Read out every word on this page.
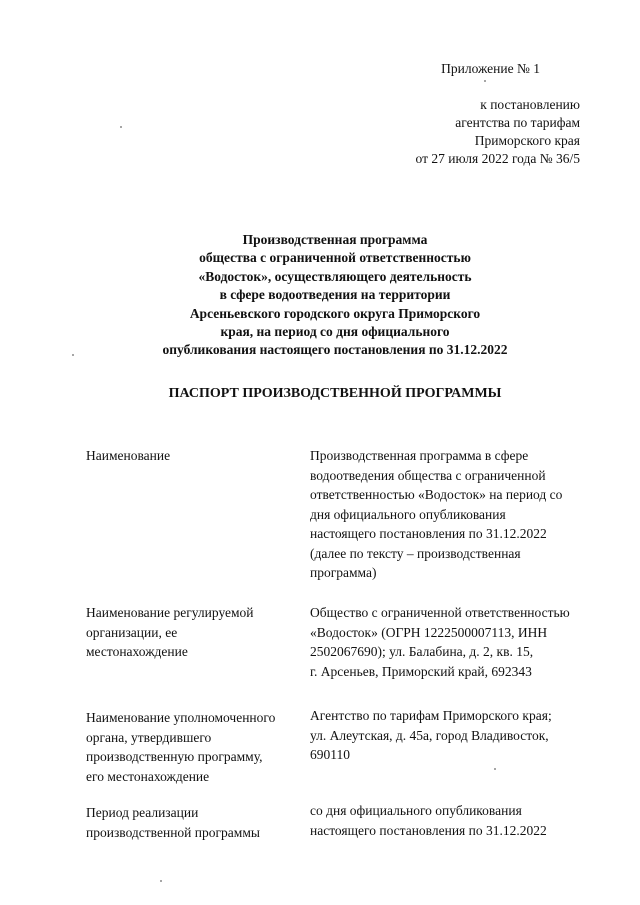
Приложение № 1
к постановлению
агентства по тарифам
Приморского края
от 27 июля 2022 года № 36/5
Производственная программа
общества с ограниченной ответственностью
«Водосток», осуществляющего деятельность
в сфере водоотведения на территории
Арсеньевского городского округа Приморского
края, на период со дня официального
опубликования настоящего постановления по 31.12.2022
ПАСПОРТ ПРОИЗВОДСТВЕННОЙ ПРОГРАММЫ
Наименование	Производственная программа в сфере
водоотведения общества с ограниченной
ответственностью «Водосток» на период со
дня официального опубликования
настоящего постановления по 31.12.2022
(далее по тексту – производственная
программа)
Наименование регулируемой
организации, ее
местонахождение
Общество с ограниченной ответственностью
«Водосток» (ОГРН 1222500007113, ИНН
2502067690); ул. Балабина, д. 2, кв. 15,
г. Арсеньев, Приморский край, 692343
Наименование уполномоченного
органа, утвердившего
производственную программу,
его местонахождение
Агентство по тарифам Приморского края;
ул. Алеутская, д. 45а, город Владивосток,
690110
Период реализации
производственной программы
со дня официального опубликования
настоящего постановления по 31.12.2022
